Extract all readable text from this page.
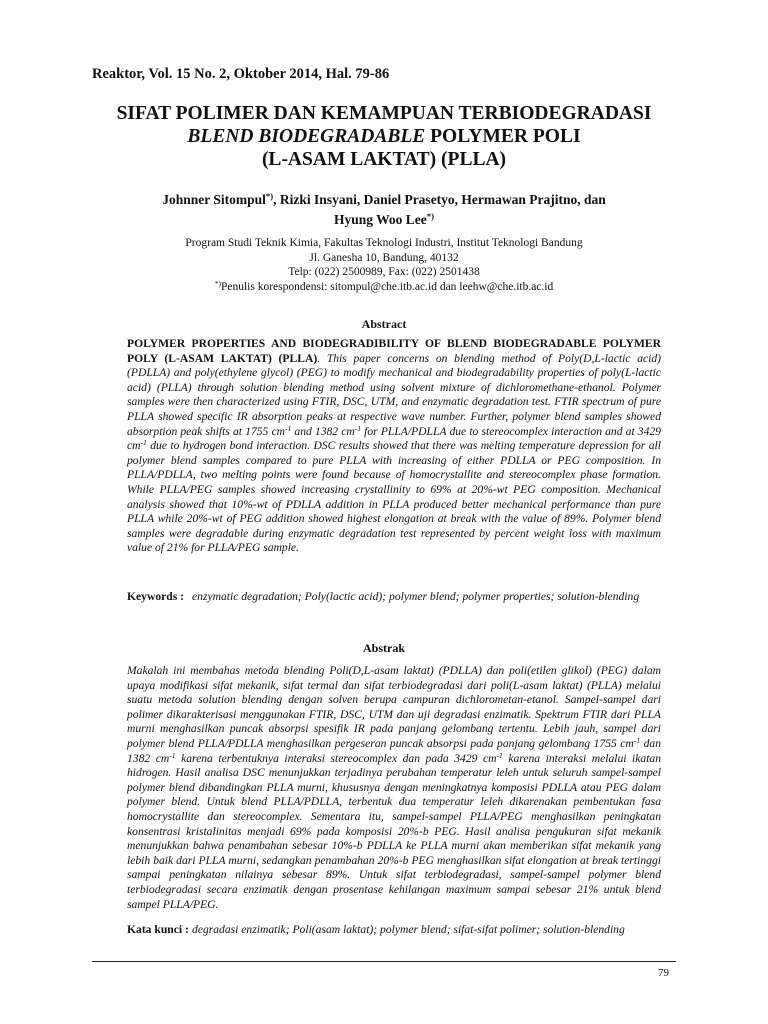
Reaktor, Vol. 15 No. 2, Oktober 2014, Hal. 79-86
SIFAT POLIMER DAN KEMAMPUAN TERBIODEGRADASI
BLEND BIODEGRADABLE POLYMER POLI
(L-ASAM LAKTAT) (PLLA)
Johnner Sitompul*), Rizki Insyani, Daniel Prasetyo, Hermawan Prajitno, dan
Hyung Woo Lee*)
Program Studi Teknik Kimia, Fakultas Teknologi Industri, Institut Teknologi Bandung
Jl. Ganesha 10, Bandung, 40132
Telp: (022) 2500989, Fax: (022) 2501438
*)Penulis korespondensi: sitompul@che.itb.ac.id dan leehw@che.itb.ac.id
Abstract
POLYMER PROPERTIES AND BIODEGRADIBILITY OF BLEND BIODEGRADABLE POLYMER POLY (L-ASAM LAKTAT) (PLLA). This paper concerns on blending method of Poly(D,L-lactic acid) (PDLLA) and poly(ethylene glycol) (PEG) to modify mechanical and biodegradability properties of poly(L-lactic acid) (PLLA) through solution blending method using solvent mixture of dichloromethane-ethanol. Polymer samples were then characterized using FTIR, DSC, UTM, and enzymatic degradation test. FTIR spectrum of pure PLLA showed specific IR absorption peaks at respective wave number. Further, polymer blend samples showed absorption peak shifts at 1755 $cm^{-1}$ and 1382 $cm^{-1}$ for PLLA/PDLLA due to stereocomplex interaction and at 3429 $cm^{-1}$ due to hydrogen bond interaction. DSC results showed that there was melting temperature depression for all polymer blend samples compared to pure PLLA with increasing of either PDLLA or PEG composition. In PLLA/PDLLA, two melting points were found because of homocrystallite and stereocomplex phase formation. While PLLA/PEG samples showed increasing crystallinity to 69% at 20%-wt PEG composition. Mechanical analysis showed that 10%-wt of PDLLA addition in PLLA produced better mechanical performance than pure PLLA while 20%-wt of PEG addition showed highest elongation at break with the value of 89%. Polymer blend samples were degradable during enzymatic degradation test represented by percent weight loss with maximum value of 21% for PLLA/PEG sample.
Keywords : enzymatic degradation; Poly(lactic acid); polymer blend; polymer properties; solution-blending
Abstrak
Makalah ini membahas metoda blending Poli(D,L-asam laktat) (PDLLA) dan poli(etilen glikol) (PEG) dalam upaya modifikasi sifat mekanik, sifat termal dan sifat terbiodegradasi dari poli(L-asam laktat) (PLLA) melalui suatu metoda solution blending dengan solven berupa campuran dichlorometan-etanol. Sampel-sampel dari polimer dikarakterisasi menggunakan FTIR, DSC, UTM dan uji degradasi enzimatik. Spektrum FTIR dari PLLA murni menghasilkan puncak absorpsi spesifik IR pada panjang gelombang tertentu. Lebih jauh, sampel dari polymer blend PLLA/PDLLA menghasilkan pergeseran puncak absorpsi pada panjang gelombang 1755 $cm^{-1}$ dan 1382 $cm^{-1}$ karena terbentuknya interaksi stereocomplex dan pada 3429 $cm^{-1}$ karena interaksi melalui ikatan hidrogen. Hasil analisa DSC menunjukkan terjadinya perubahan temperatur leleh untuk seluruh sampel-sampel polymer blend dibandingkan PLLA murni, khususnya dengan meningkatnya komposisi PDLLA atau PEG dalam polymer blend. Untuk blend PLLA/PDLLA, terbentuk dua temperatur leleh dikarenakan pembentukan fasa homocrystallite dan stereocomplex. Sementara itu, sampel-sampel PLLA/PEG menghasilkan peningkatan konsentrasi kristalinitas menjadi 69% pada komposisi 20%-b PEG. Hasil analisa pengukuran sifat mekanik menunjukkan bahwa penambahan sebesar 10%-b PDLLA ke PLLA murni akan memberikan sifat mekanik yang lebih baik dari PLLA murni, sedangkan penambahan 20%-b PEG menghasilkan sifat elongation at break tertinggi sampai peningkatan nilainya sebesar 89%. Untuk sifat terbiodegradasi, sampel-sampel polymer blend terbiodegradasi secara enzimatik dengan prosentase kehilangan maximum sampai sebesar 21% untuk blend sampel PLLA/PEG.
Kata kunci : degradasi enzimatik; Poli(asam laktat); polymer blend; sifat-sifat polimer; solution-blending
79
